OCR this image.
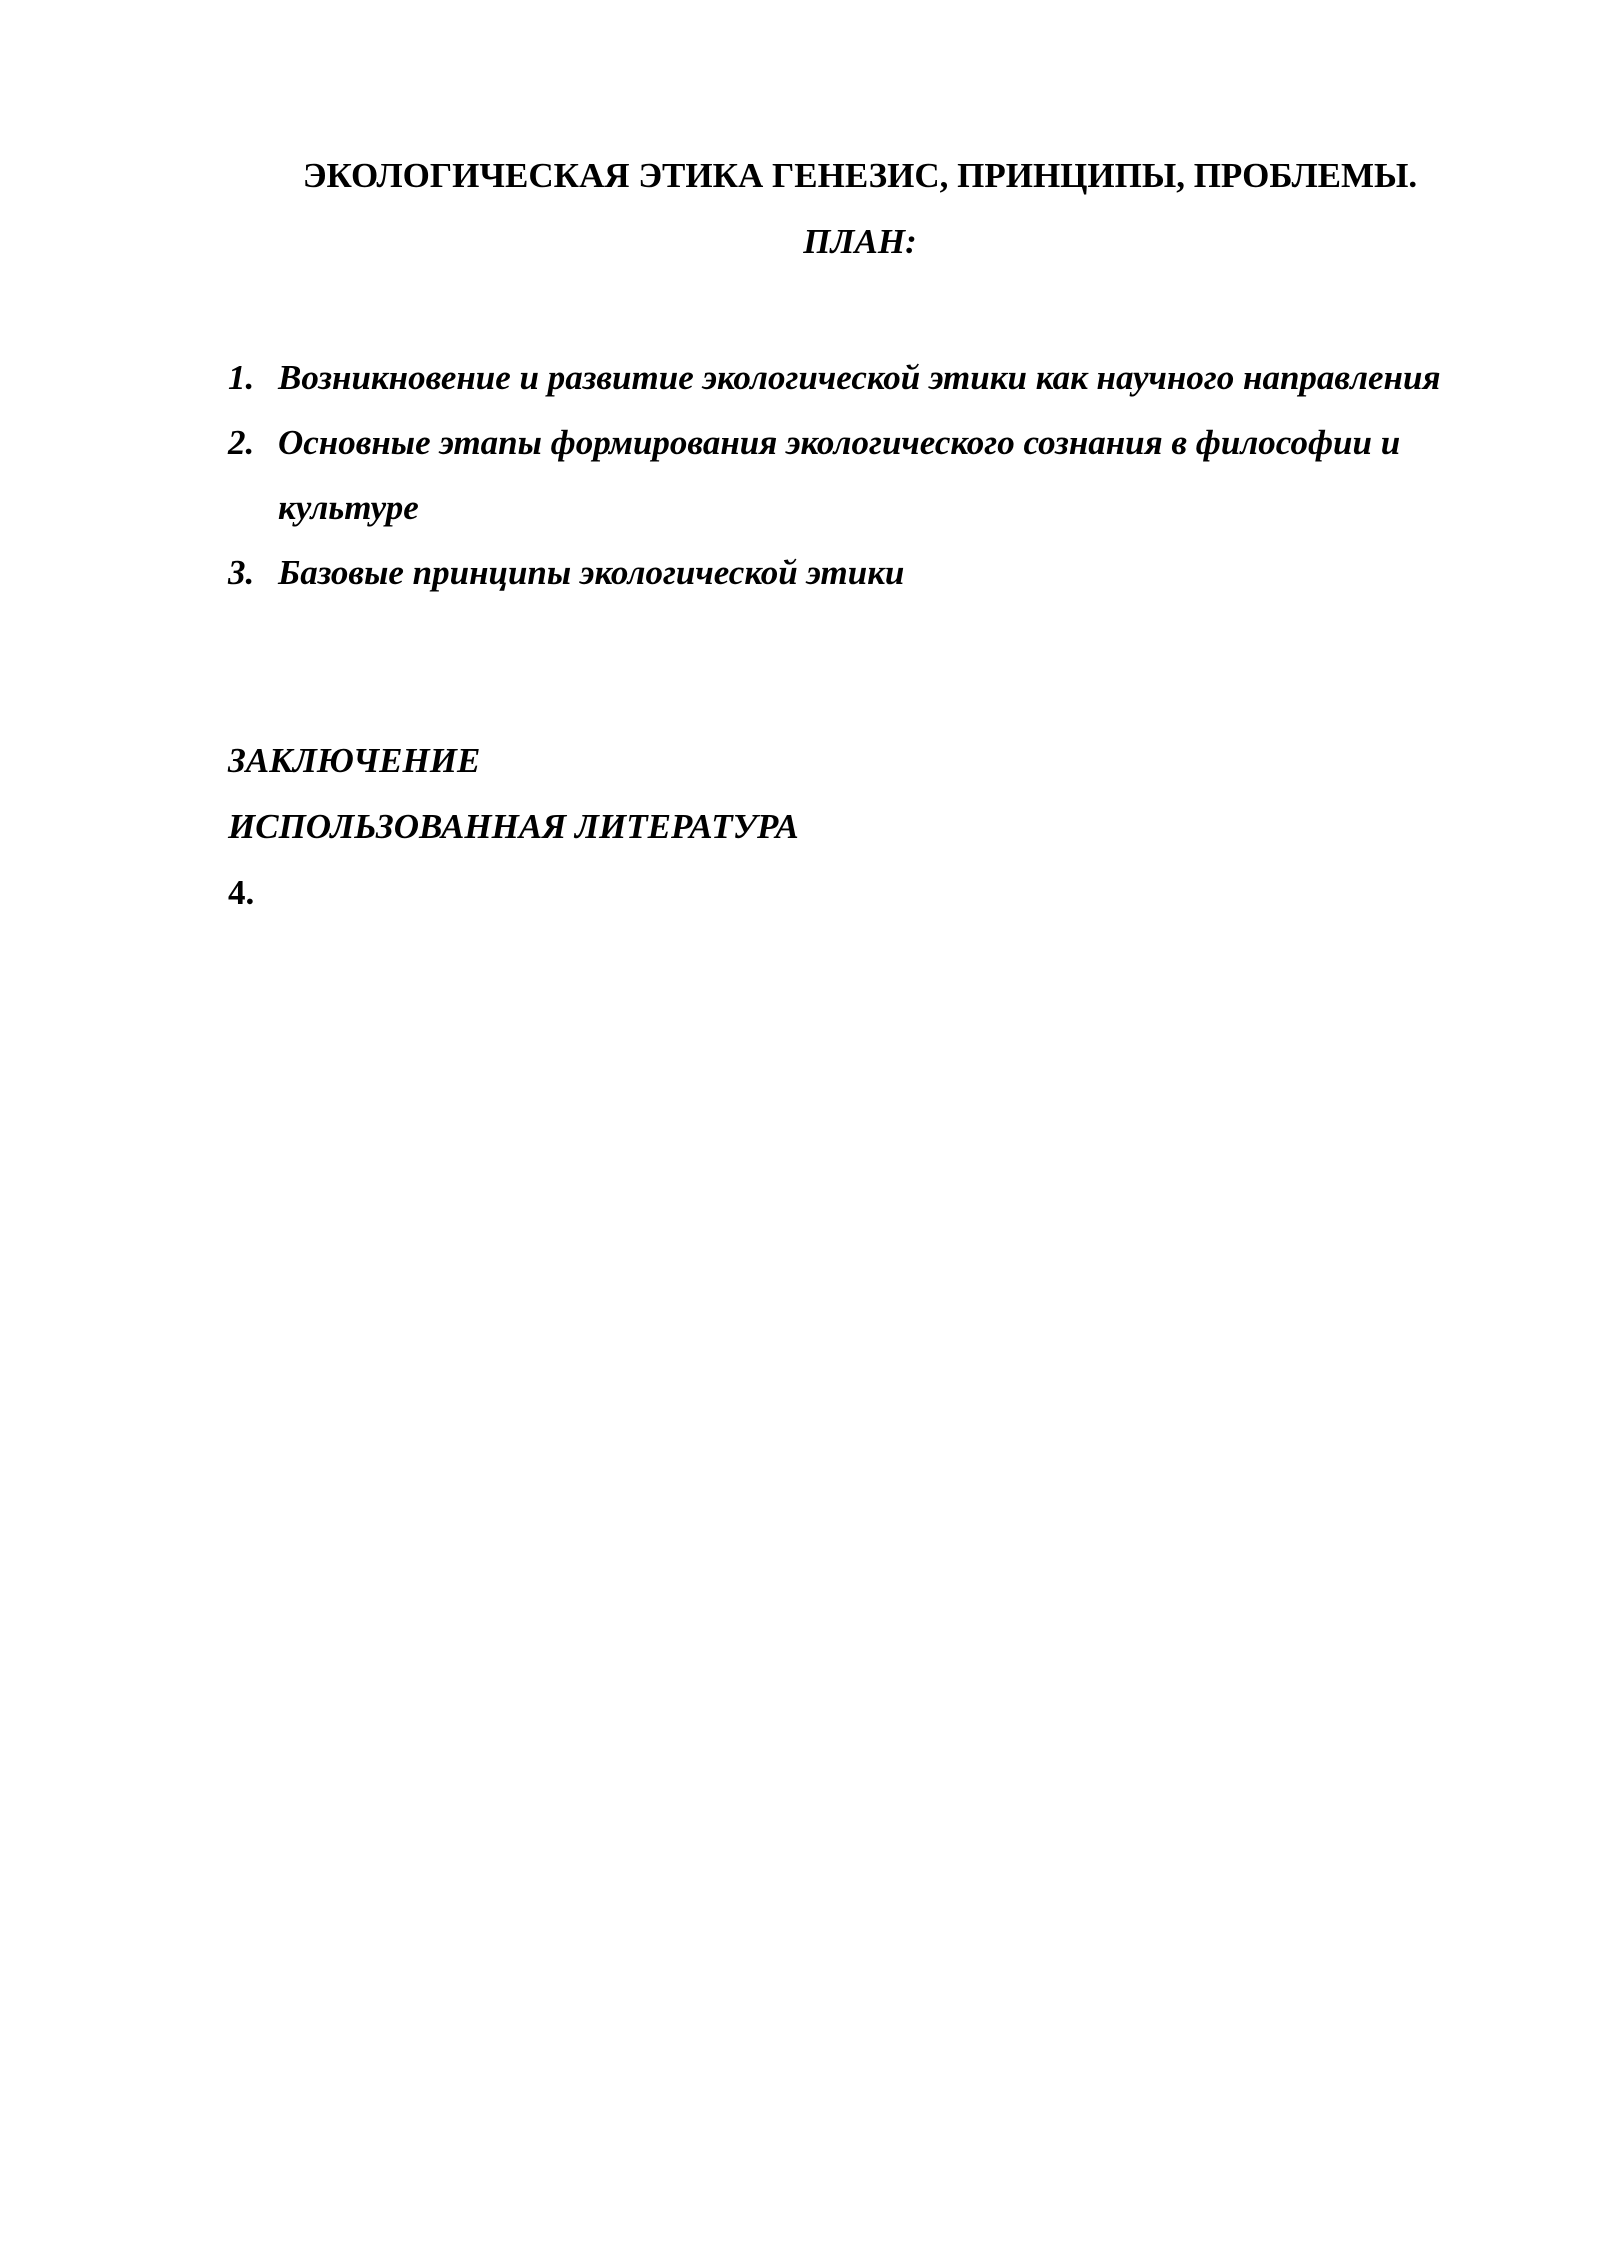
ЭКОЛОГИЧЕСКАЯ ЭТИКА ГЕНЕЗИС, ПРИНЦИПЫ, ПРОБЛЕМЫ.
ПЛАН:
1. Возникновение и развитие экологической этики как научного направления
2. Основные этапы формирования экологического сознания в философии и культуре
3. Базовые принципы экологической этики
ЗАКЛЮЧЕНИЕ
ИСПОЛЬЗОВАННАЯ ЛИТЕРАТУРА
4.
